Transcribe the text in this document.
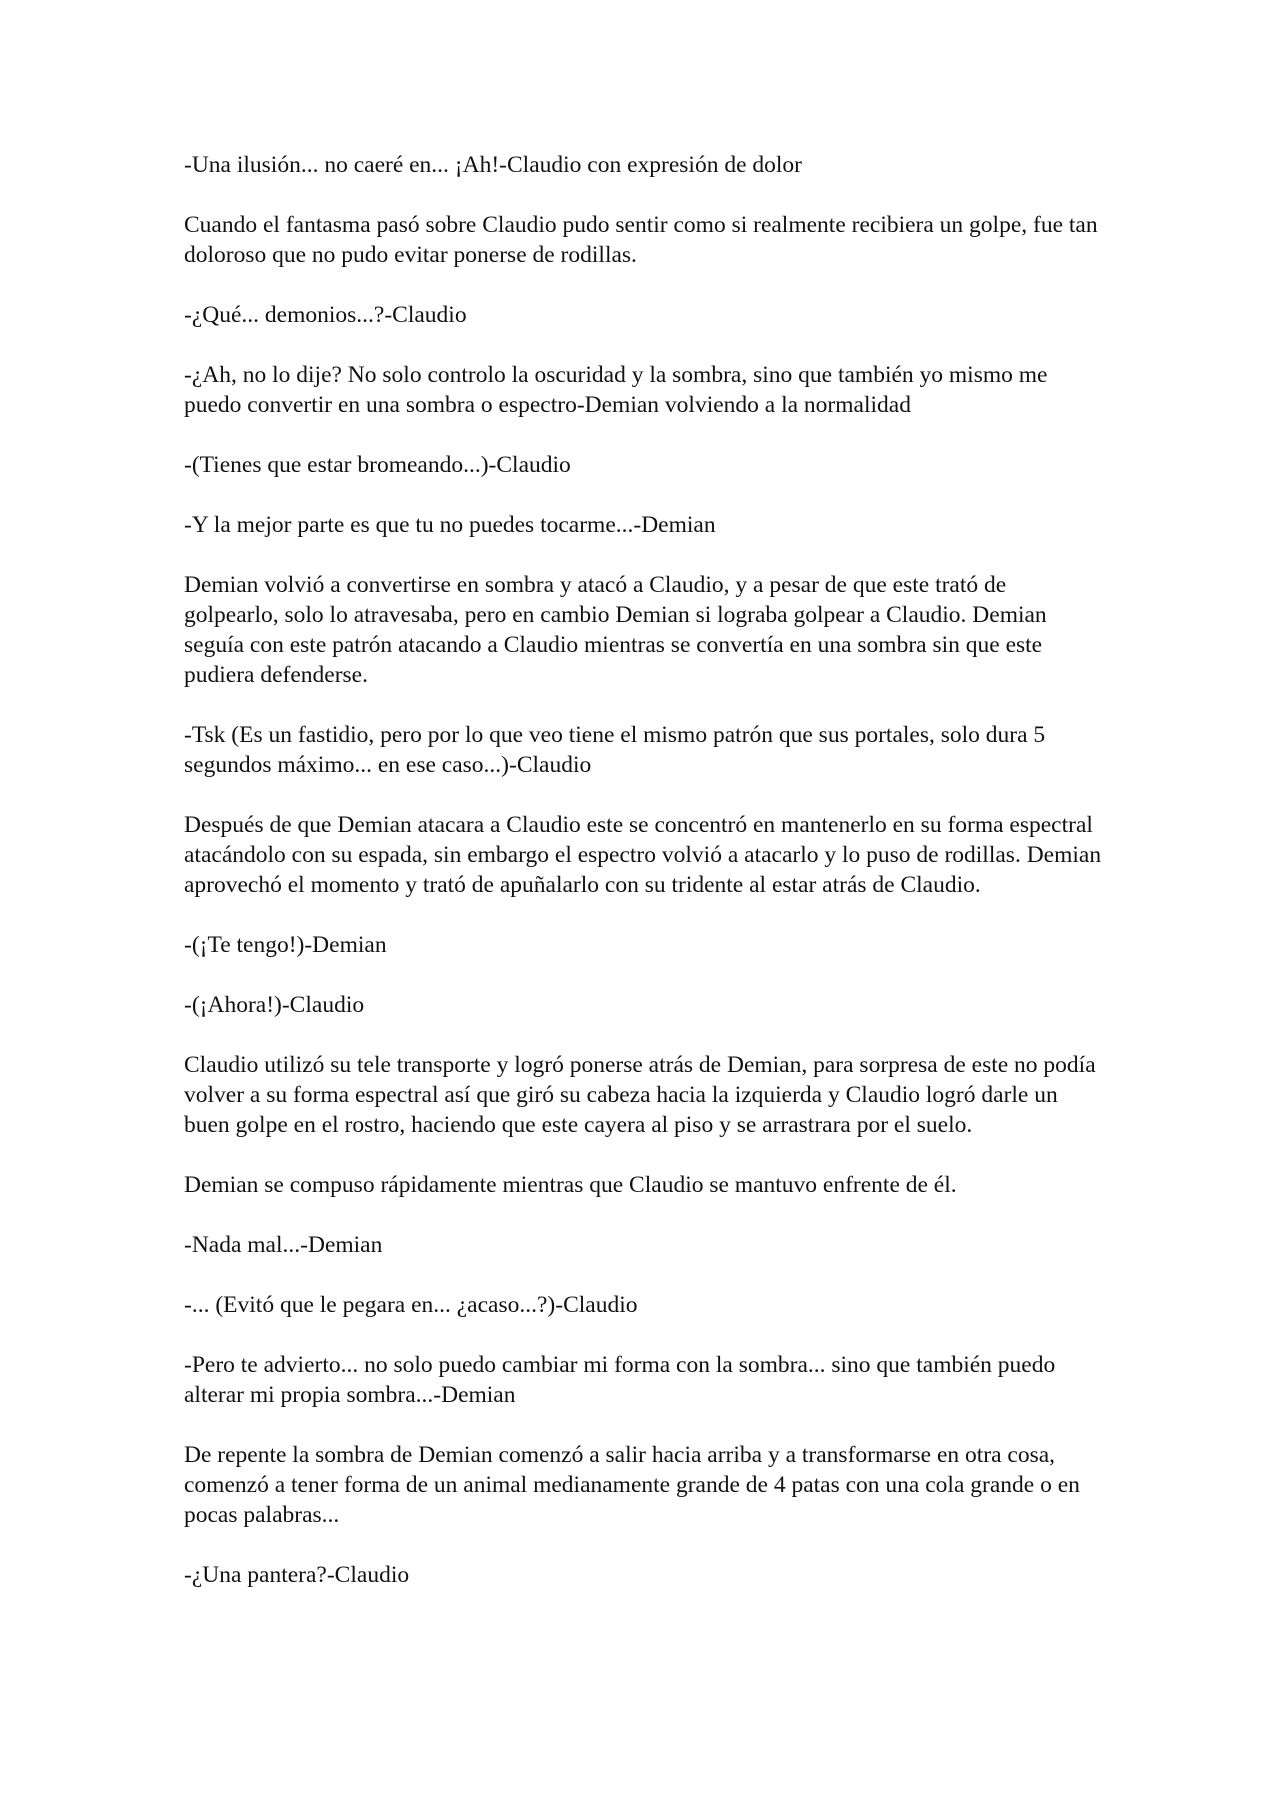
-Una ilusión... no caeré en... ¡Ah!-Claudio con expresión de dolor

Cuando el fantasma pasó sobre Claudio pudo sentir como si realmente recibiera un golpe, fue tan doloroso que no pudo evitar ponerse de rodillas.

-¿Qué... demonios...?-Claudio

-¿Ah, no lo dije? No solo controlo la oscuridad y la sombra, sino que también yo mismo me puedo convertir en una sombra o espectro-Demian volviendo a la normalidad

-(Tienes que estar bromeando...)-Claudio

-Y la mejor parte es que tu no puedes tocarme...-Demian

Demian volvió a convertirse en sombra y atacó a Claudio, y a pesar de que este trató de golpearlo, solo lo atravesaba, pero en cambio Demian si lograba golpear a Claudio. Demian seguía con este patrón atacando a Claudio mientras se convertía en una sombra sin que este pudiera defenderse.

-Tsk (Es un fastidio, pero por lo que veo tiene el mismo patrón que sus portales, solo dura 5 segundos máximo... en ese caso...)-Claudio

Después de que Demian atacara a Claudio este se concentró en mantenerlo en su forma espectral atacándolo con su espada, sin embargo el espectro volvió a atacarlo y lo puso de rodillas. Demian aprovechó el momento y trató de apuñalarlo con su tridente al estar atrás de Claudio.

-(¡Te tengo!)-Demian

-(¡Ahora!)-Claudio

Claudio utilizó su tele transporte y logró ponerse atrás de Demian, para sorpresa de este no podía volver a su forma espectral así que giró su cabeza hacia la izquierda y Claudio logró darle un buen golpe en el rostro, haciendo que este cayera al piso y se arrastrara por el suelo.

Demian se compuso rápidamente mientras que Claudio se mantuvo enfrente de él.

-Nada mal...-Demian

-... (Evitó que le pegara en... ¿acaso...?)-Claudio

-Pero te advierto... no solo puedo cambiar mi forma con la sombra... sino que también puedo alterar mi propia sombra...-Demian

De repente la sombra de Demian comenzó a salir hacia arriba y a transformarse en otra cosa, comenzó a tener forma de un animal medianamente grande de 4 patas con una cola grande o en pocas palabras...

-¿Una pantera?-Claudio
